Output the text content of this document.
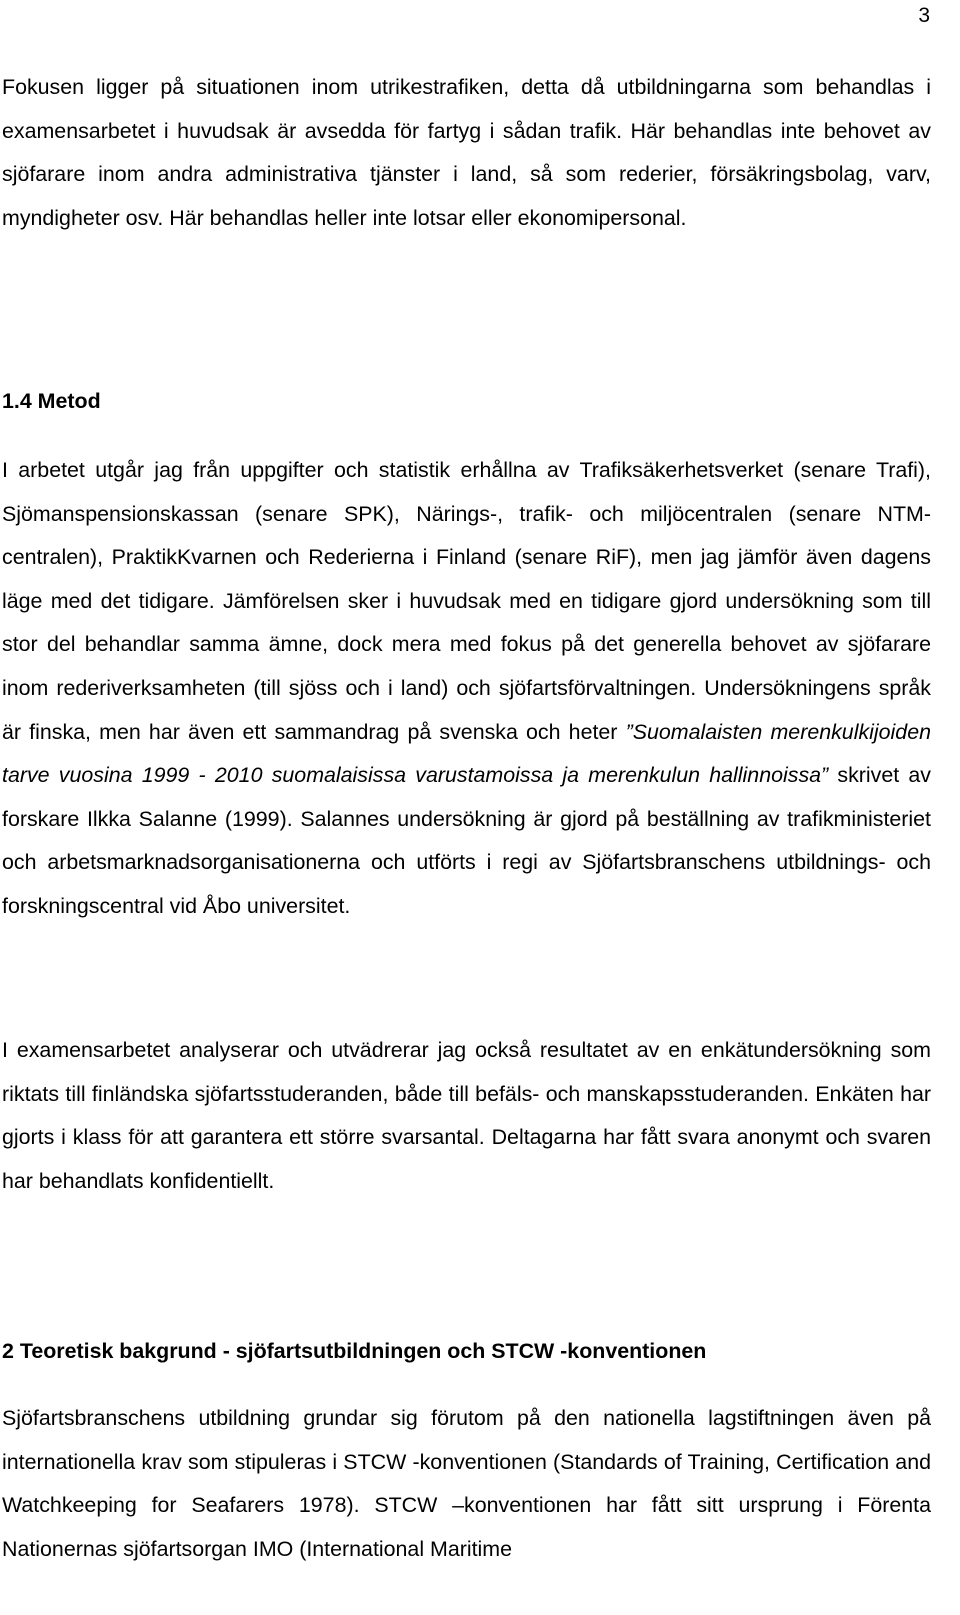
3

Fokusen ligger på situationen inom utrikestrafiken, detta då utbildningarna som behandlas i examensarbetet i huvudsak är avsedda för fartyg i sådan trafik. Här behandlas inte behovet av sjöfarare inom andra administrativa tjänster i land, så som rederier, försäkringsbolag, varv, myndigheter osv. Här behandlas heller inte lotsar eller ekonomipersonal.

1.4 Metod

I arbetet utgår jag från uppgifter och statistik erhållna av Trafiksäkerhetsverket (senare Trafi), Sjömanspensionskassan (senare SPK), Närings-, trafik- och miljöcentralen (senare NTM-centralen), PraktikKvarnen och Rederierna i Finland (senare RiF), men jag jämför även dagens läge med det tidigare. Jämförelsen sker i huvudsak med en tidigare gjord undersökning som till stor del behandlar samma ämne, dock mera med fokus på det generella behovet av sjöfarare inom rederiverksamheten (till sjöss och i land) och sjöfartsförvaltningen. Undersökningens språk är finska, men har även ett sammandrag på svenska och heter ”Suomalaisten merenkulkijoiden tarve vuosina 1999 - 2010 suomalaisissa varustamoissa ja merenkulun hallinnoissa” skrivet av forskare Ilkka Salanne (1999). Salannes undersökning är gjord på beställning av trafikministeriet och arbetsmarknadsorganisationerna och utförts i regi av Sjöfartsbranschens utbildnings- och forskningscentral vid Åbo universitet.

I examensarbetet analyserar och utvädrerar jag också resultatet av en enkätundersökning som riktats till finländska sjöfartsstuderanden, både till befäls- och manskapsstuderanden. Enkäten har gjorts i klass för att garantera ett större svarsantal. Deltagarna har fått svara anonymt och svaren har behandlats konfidentiellt.

2 Teoretisk bakgrund - sjöfartsutbildningen och STCW -konventionen

Sjöfartsbranschens utbildning grundar sig förutom på den nationella lagstiftningen även på internationella krav som stipuleras i STCW -konventionen (Standards of Training, Certification and Watchkeeping for Seafarers 1978). STCW –konventionen har fått sitt ursprung i Förenta Nationernas sjöfartsorgan IMO (International Maritime
